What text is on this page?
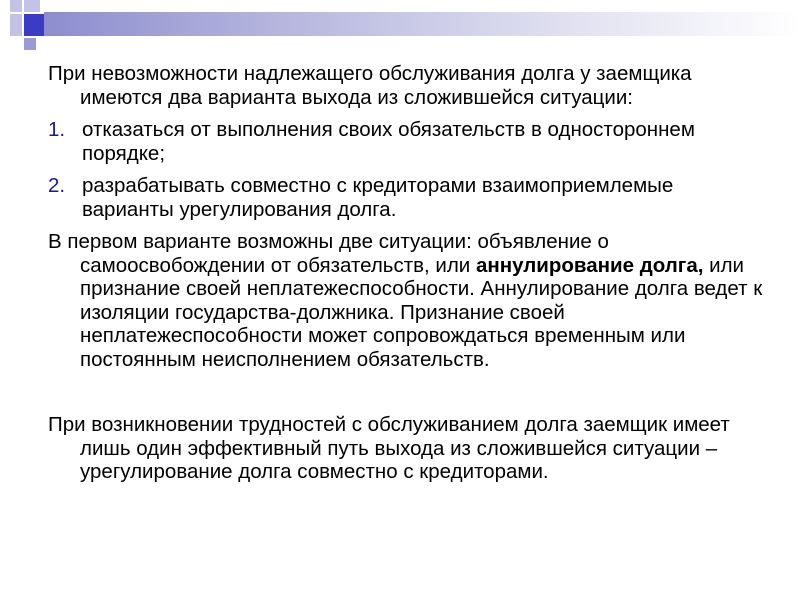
При невозможности надлежащего обслуживания долга у заемщика имеются два варианта выхода из сложившейся ситуации:

1. отказаться от выполнения своих обязательств в одностороннем порядке;
2. разрабатывать совместно с кредиторами взаимоприемлемые варианты урегулирования долга.

В первом варианте возможны две ситуации: объявление о самоосвобождении от обязательств, или аннулирование долга, или признание своей неплатежеспособности. Аннулирование долга ведет к изоляции государства-должника. Признание своей неплатежеспособности может сопровождаться временным или постоянным неисполнением обязательств.

При возникновении трудностей с обслуживанием долга заемщик имеет лишь один эффективный путь выхода из сложившейся ситуации – урегулирование долга совместно с кредиторами.
